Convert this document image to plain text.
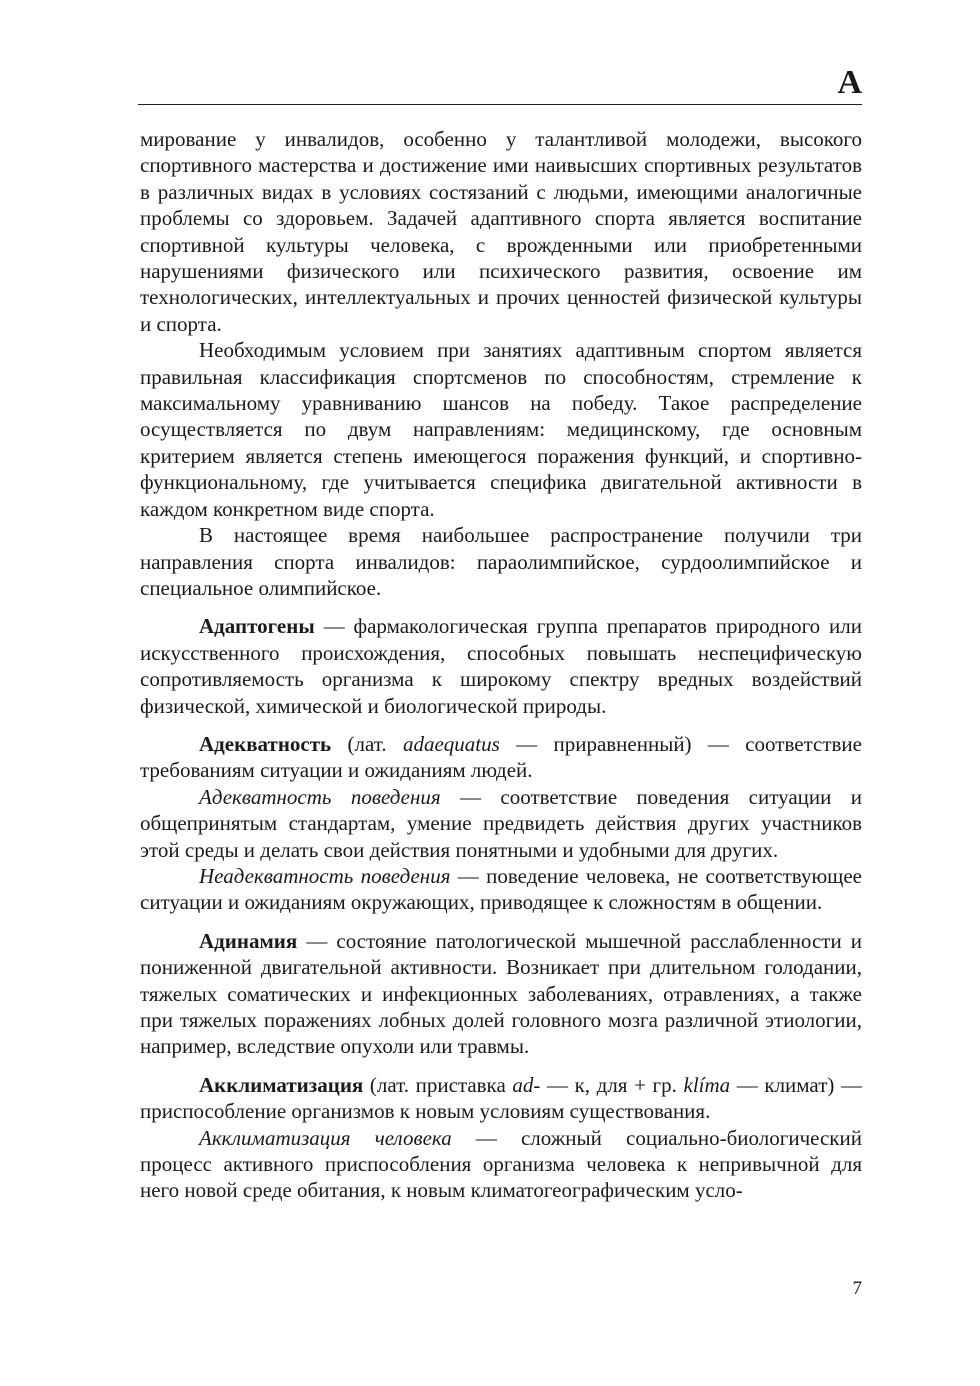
А

мирование у инвалидов, особенно у талантливой молодежи, высокого спортивного мастерства и достижение ими наивысших спортивных результатов в различных видах в условиях состязаний с людьми, имеющими аналогичные проблемы со здоровьем. Задачей адаптивного спорта является воспитание спортивной культуры человека, с врожденными или приобретенными нарушениями физического или психического развития, освоение им технологических, интеллектуальных и прочих ценностей физической культуры и спорта.

Необходимым условием при занятиях адаптивным спортом является правильная классификация спортсменов по способностям, стремление к максимальному уравниванию шансов на победу. Такое распределение осуществляется по двум направлениям: медицинскому, где основным критерием является степень имеющегося поражения функций, и спортивно-функциональному, где учитывается специфика двигательной активности в каждом конкретном виде спорта.

В настоящее время наибольшее распространение получили три направления спорта инвалидов: параолимпийское, сурдоолимпийское и специальное олимпийское.

Адаптогены — фармакологическая группа препаратов природного или искусственного происхождения, способных повышать неспецифическую сопротивляемость организма к широкому спектру вредных воздействий физической, химической и биологической природы.

Адекватность (лат. adaequatus — приравненный) — соответствие требованиям ситуации и ожиданиям людей.

Адекватность поведения — соответствие поведения ситуации и общепринятым стандартам, умение предвидеть действия других участников этой среды и делать свои действия понятными и удобными для других.

Неадекватность поведения — поведение человека, не соответствующее ситуации и ожиданиям окружающих, приводящее к сложностям в общении.

Адинамия — состояние патологической мышечной расслабленности и пониженной двигательной активности. Возникает при длительном голодании, тяжелых соматических и инфекционных заболеваниях, отравлениях, а также при тяжелых поражениях лобных долей головного мозга различной этиологии, например, вследствие опухоли или травмы.

Акклиматизация (лат. приставка ad- — к, для + гр. klíma — климат) — приспособление организмов к новым условиям существования.

Акклиматизация человека — сложный социально-биологический процесс активного приспособления организма человека к непривычной для него новой среде обитания, к новым климатогеографическим усло-

7
